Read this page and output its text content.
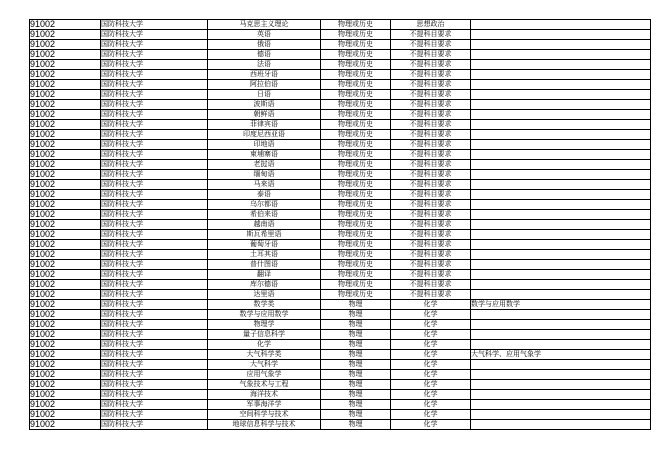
91002	国防科技大学	马克思主义理论	物理或历史	思想政治	
91002	国防科技大学	英语	物理或历史	不提科目要求	
91002	国防科技大学	俄语	物理或历史	不提科目要求	
91002	国防科技大学	德语	物理或历史	不提科目要求	
91002	国防科技大学	法语	物理或历史	不提科目要求	
91002	国防科技大学	西班牙语	物理或历史	不提科目要求	
91002	国防科技大学	阿拉伯语	物理或历史	不提科目要求	
91002	国防科技大学	日语	物理或历史	不提科目要求	
91002	国防科技大学	波斯语	物理或历史	不提科目要求	
91002	国防科技大学	朝鲜语	物理或历史	不提科目要求	
91002	国防科技大学	菲律宾语	物理或历史	不提科目要求	
91002	国防科技大学	印度尼西亚语	物理或历史	不提科目要求	
91002	国防科技大学	印地语	物理或历史	不提科目要求	
91002	国防科技大学	柬埔寨语	物理或历史	不提科目要求	
91002	国防科技大学	老挝语	物理或历史	不提科目要求	
91002	国防科技大学	缅甸语	物理或历史	不提科目要求	
91002	国防科技大学	马来语	物理或历史	不提科目要求	
91002	国防科技大学	泰语	物理或历史	不提科目要求	
91002	国防科技大学	乌尔都语	物理或历史	不提科目要求	
91002	国防科技大学	希伯来语	物理或历史	不提科目要求	
91002	国防科技大学	越南语	物理或历史	不提科目要求	
91002	国防科技大学	斯瓦希里语	物理或历史	不提科目要求	
91002	国防科技大学	葡萄牙语	物理或历史	不提科目要求	
91002	国防科技大学	土耳其语	物理或历史	不提科目要求	
91002	国防科技大学	普什图语	物理或历史	不提科目要求	
91002	国防科技大学	翻译	物理或历史	不提科目要求	
91002	国防科技大学	库尔德语	物理或历史	不提科目要求	
91002	国防科技大学	达里语	物理或历史	不提科目要求	
91002	国防科技大学	数学类	物理	化学	数学与应用数学
91002	国防科技大学	数学与应用数学	物理	化学	
91002	国防科技大学	物理学	物理	化学	
91002	国防科技大学	量子信息科学	物理	化学	
91002	国防科技大学	化学	物理	化学	
91002	国防科技大学	大气科学类	物理	化学	大气科学、应用气象学
91002	国防科技大学	大气科学	物理	化学	
91002	国防科技大学	应用气象学	物理	化学	
91002	国防科技大学	气象技术与工程	物理	化学	
91002	国防科技大学	海洋技术	物理	化学	
91002	国防科技大学	军事海洋学	物理	化学	
91002	国防科技大学	空间科学与技术	物理	化学	
91002	国防科技大学	地球信息科学与技术	物理	化学	
